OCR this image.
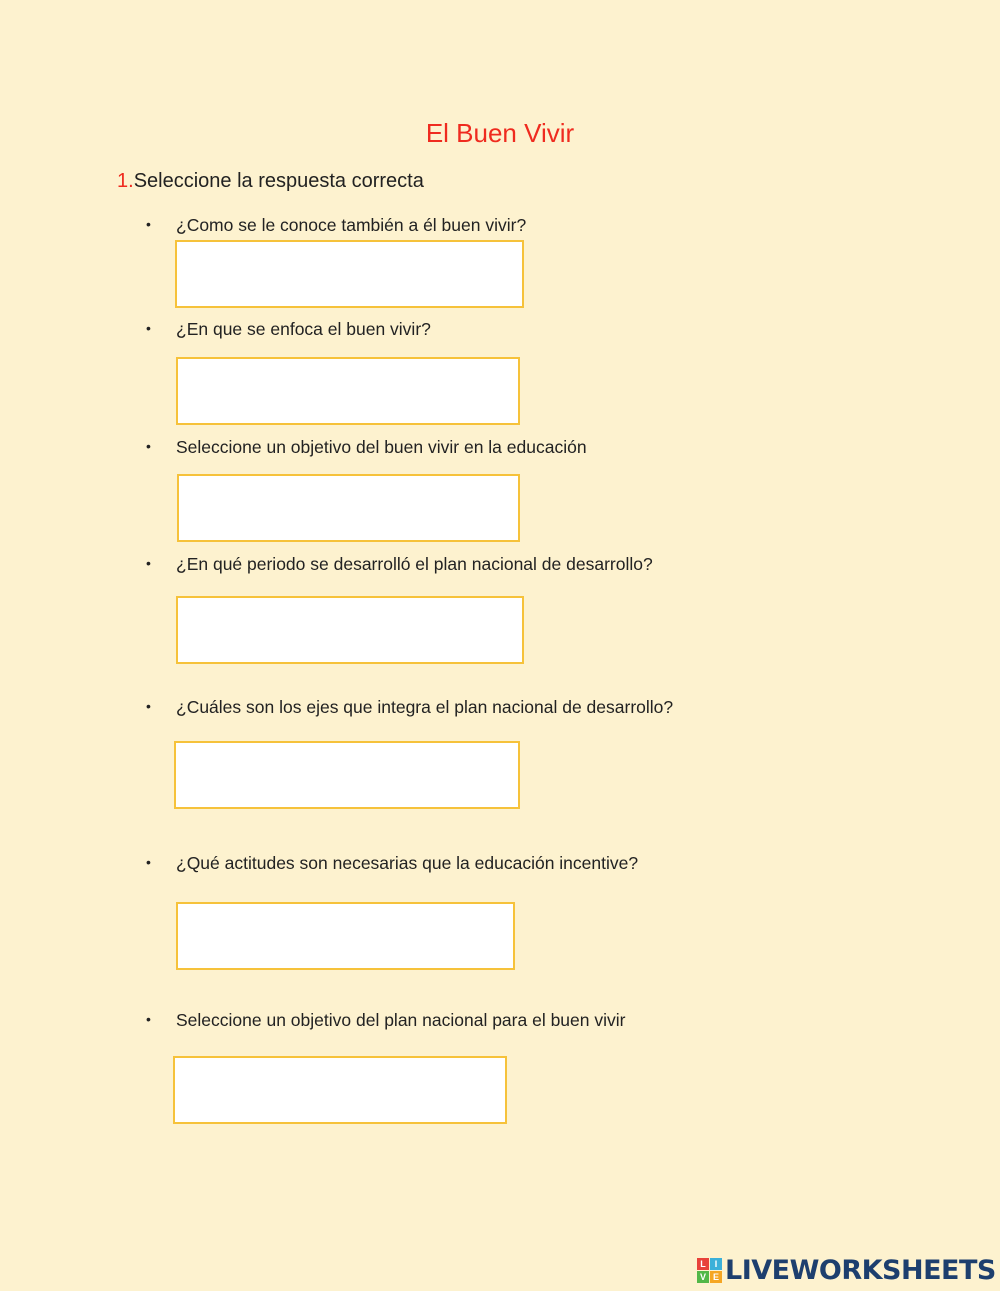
El Buen Vivir
1.Seleccione la respuesta correcta
• ¿Como se le conoce también a él buen vivir?
• ¿En que se enfoca el buen vivir?
• Seleccione un objetivo del buen vivir en la educación
• ¿En qué periodo se desarrolló el plan nacional de desarrollo?
• ¿Cuáles son los ejes que integra el plan nacional de desarrollo?
• ¿Qué actitudes son necesarias que la educación incentive?
• Seleccione un objetivo del plan nacional para el buen vivir
L I
V E LIVEWORKSHEETS
